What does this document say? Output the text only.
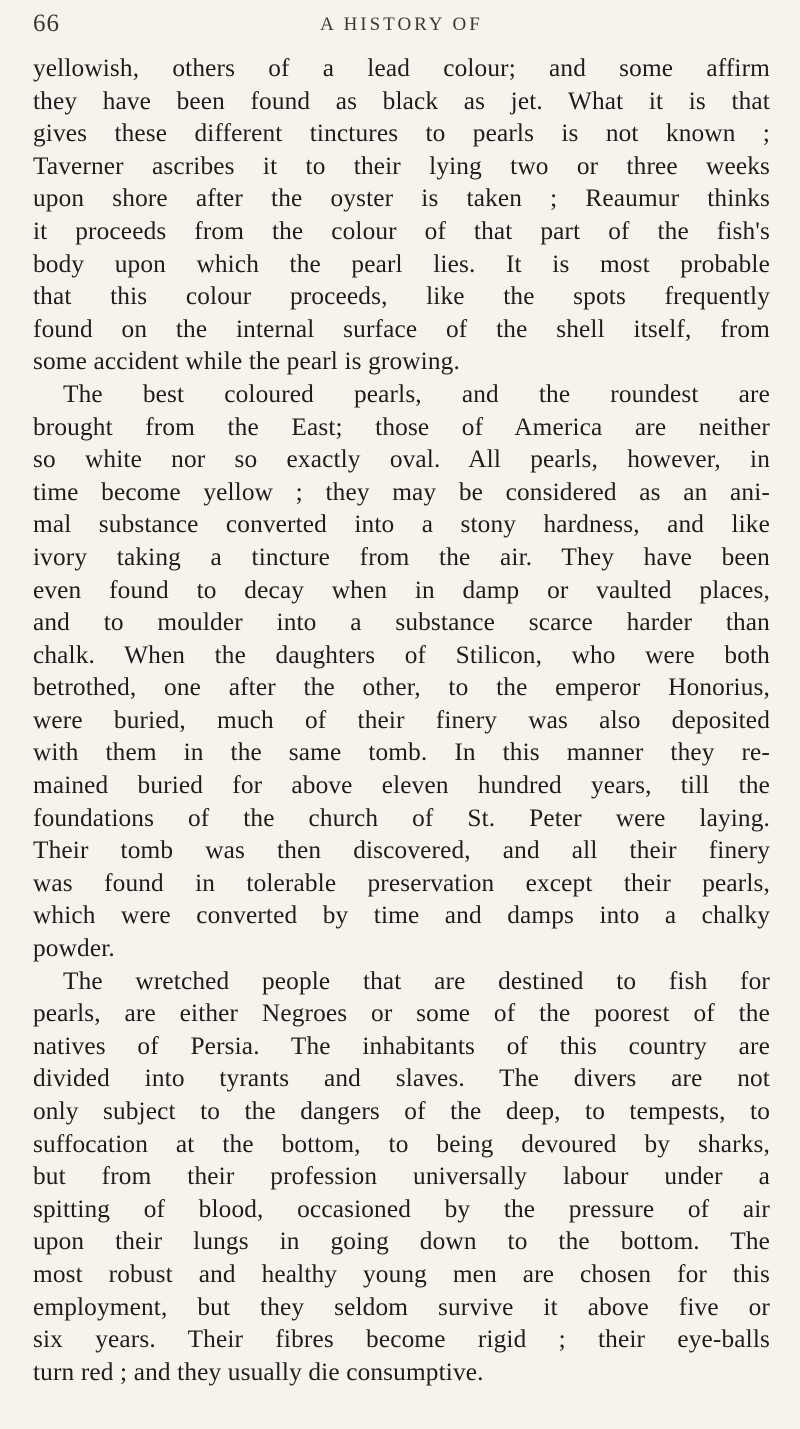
66	A HISTORY OF

yellowish, others of a lead colour; and some affirm
they have been found as black as jet. What it is that
gives these different tinctures to pearls is not known ;
Taverner ascribes it to their lying two or three weeks
upon shore after the oyster is taken ; Reaumur thinks
it proceeds from the colour of that part of the fish's
body upon which the pearl lies. It is most probable
that this colour proceeds, like the spots frequently
found on the internal surface of the shell itself, from
some accident while the pearl is growing.

The best coloured pearls, and the roundest are
brought from the East; those of America are neither
so white nor so exactly oval. All pearls, however, in
time become yellow ; they may be considered as an ani-
mal substance converted into a stony hardness, and like
ivory taking a tincture from the air. They have been
even found to decay when in damp or vaulted places,
and to moulder into a substance scarce harder than
chalk. When the daughters of Stilicon, who were both
betrothed, one after the other, to the emperor Honorius,
were buried, much of their finery was also deposited
with them in the same tomb. In this manner they re-
mained buried for above eleven hundred years, till the
foundations of the church of St. Peter were laying.
Their tomb was then discovered, and all their finery
was found in tolerable preservation except their pearls,
which were converted by time and damps into a chalky
powder.

The wretched people that are destined to fish for
pearls, are either Negroes or some of the poorest of the
natives of Persia. The inhabitants of this country are
divided into tyrants and slaves. The divers are not
only subject to the dangers of the deep, to tempests, to
suffocation at the bottom, to being devoured by sharks,
but from their profession universally labour under a
spitting of blood, occasioned by the pressure of air
upon their lungs in going down to the bottom. The
most robust and healthy young men are chosen for this
employment, but they seldom survive it above five or
six years. Their fibres become rigid ; their eye-balls
turn red ; and they usually die consumptive.
